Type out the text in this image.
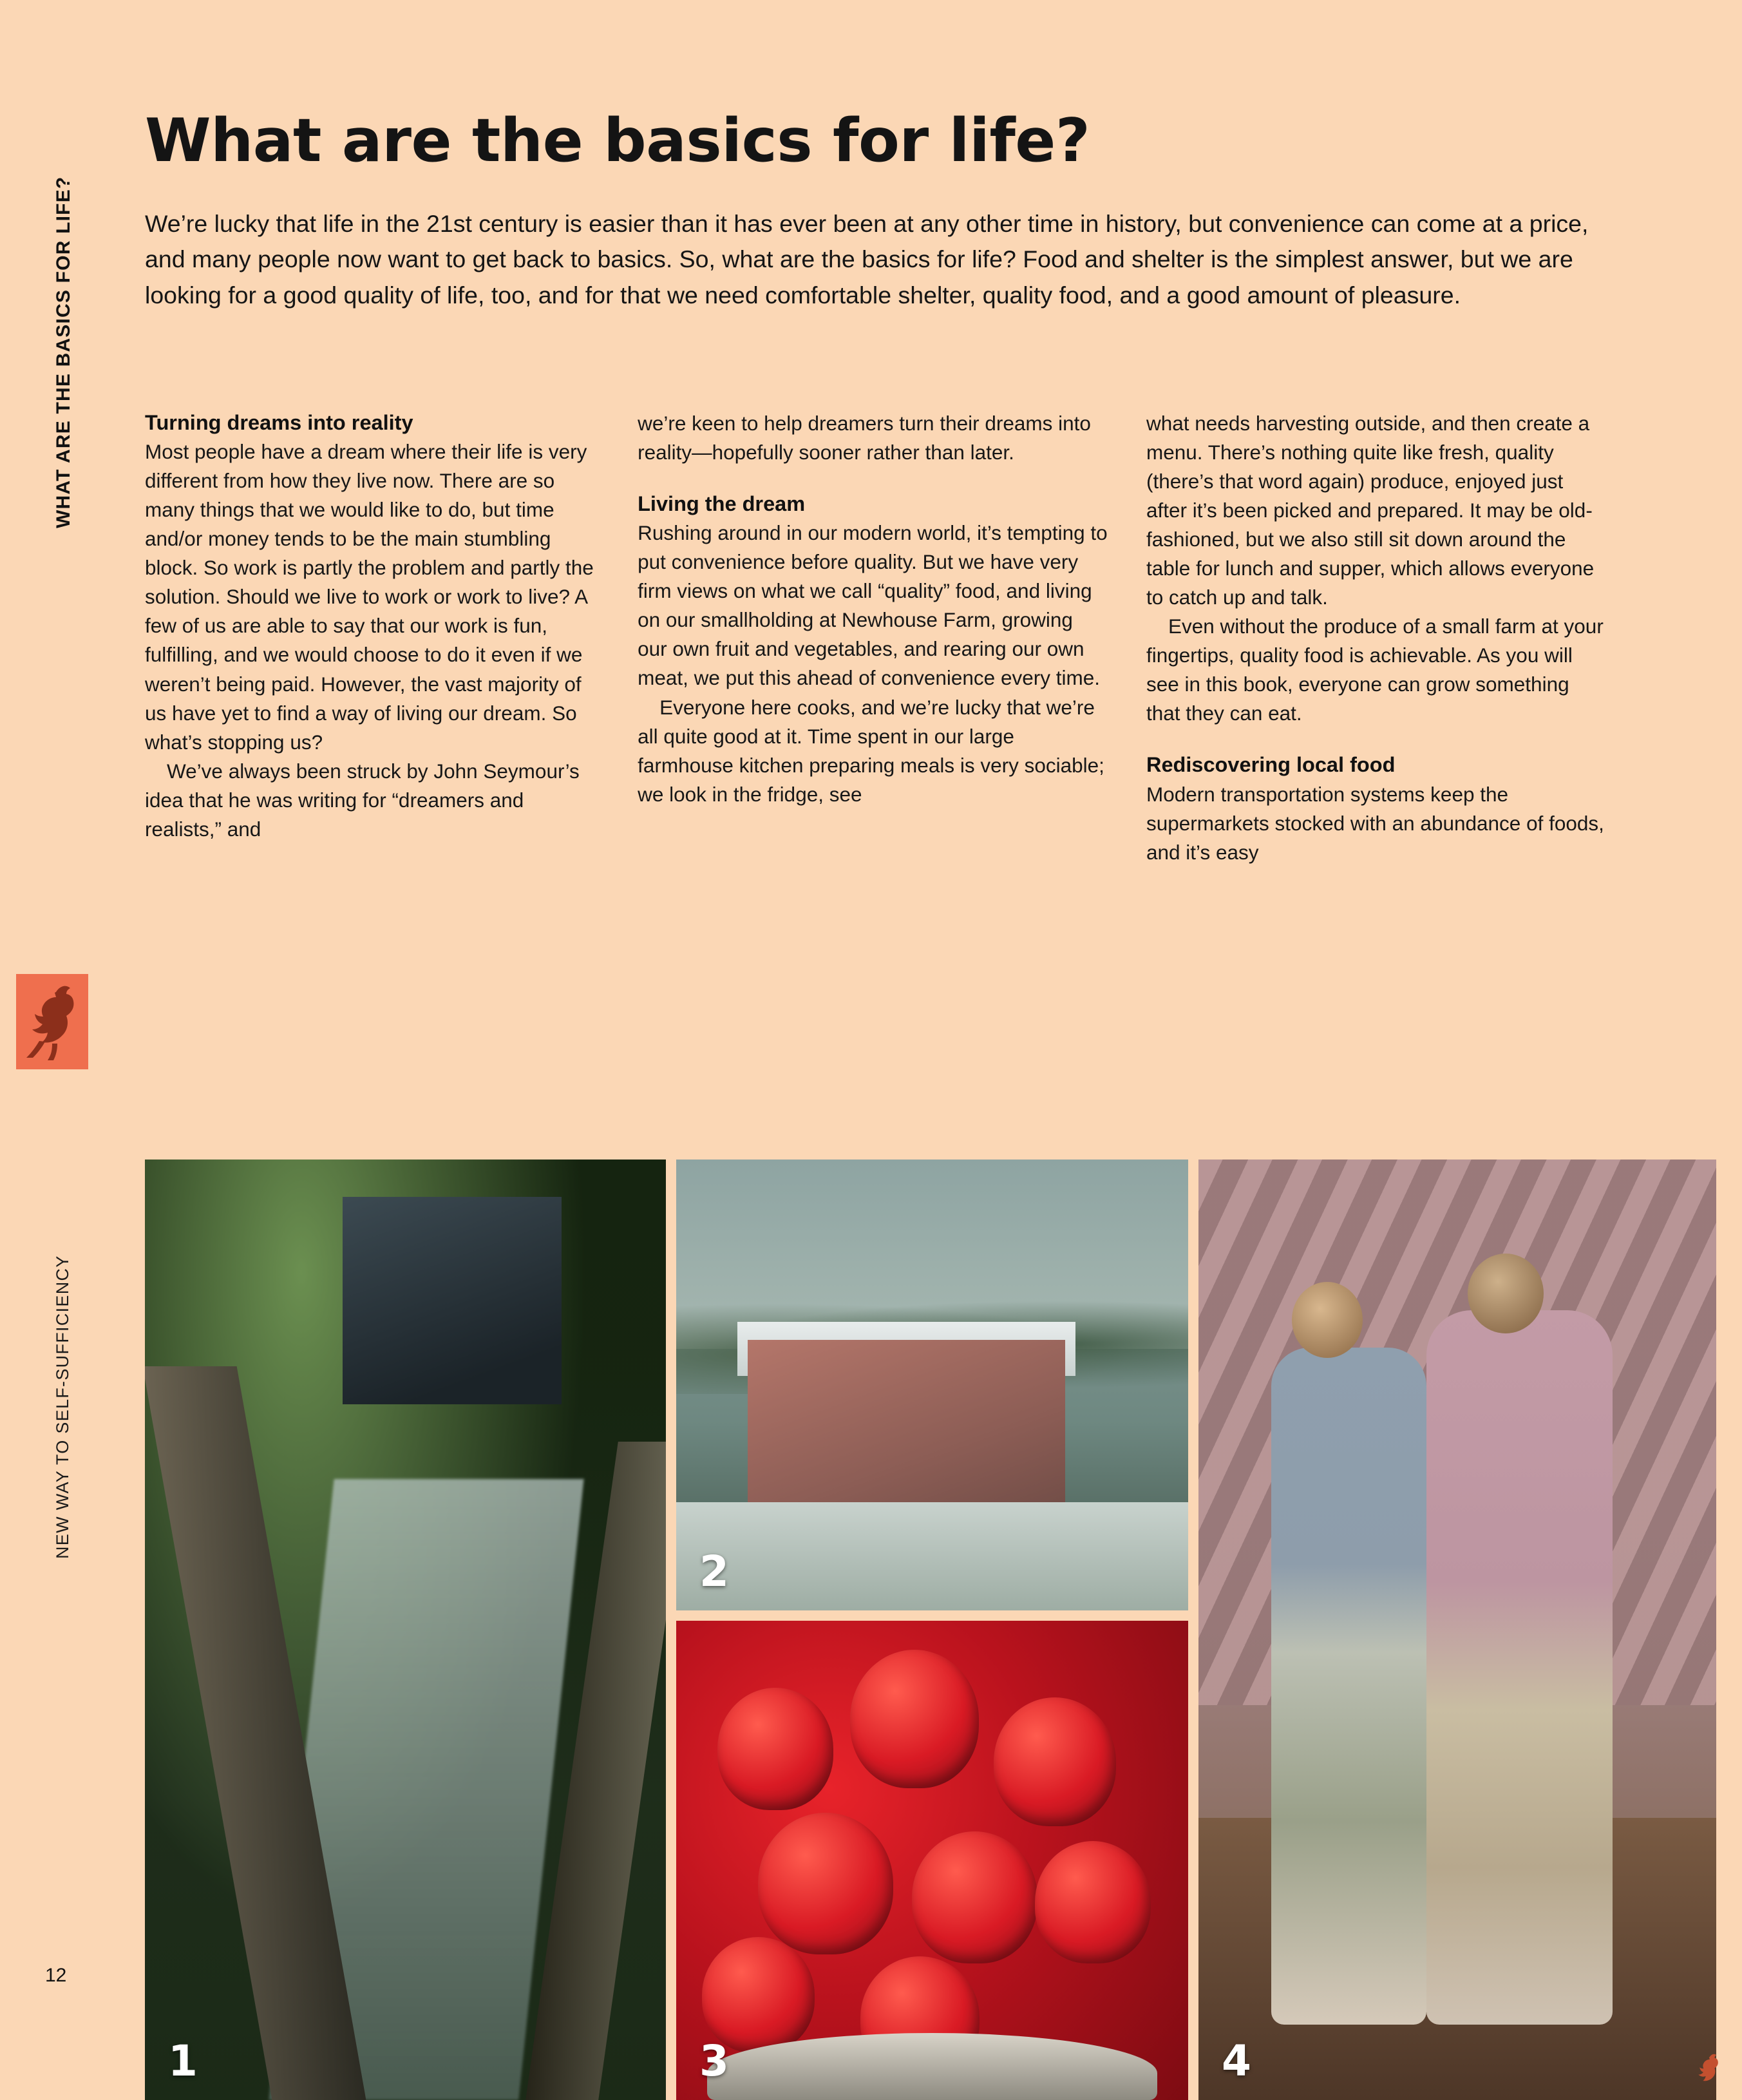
WHAT ARE THE BASICS FOR LIFE?
NEW WAY TO SELF-SUFFICIENCY
12
What are the basics for life?

We’re lucky that life in the 21st century is easier than it has ever been at any other time in history, but convenience can come at a price, and many people now want to get back to basics. So, what are the basics for life? Food and shelter is the simplest answer, but we are looking for a good quality of life, too, and for that we need comfortable shelter, quality food, and a good amount of pleasure.

Turning dreams into reality

Most people have a dream where their life is very different from how they live now. There are so many things that we would like to do, but time and/or money tends to be the main stumbling block. So work is partly the problem and partly the solution. Should we live to work or work to live? A few of us are able to say that our work is fun, fulfilling, and we would choose to do it even if we weren’t being paid. However, the vast majority of us have yet to find a way of living our dream. So what’s stopping us?

We’ve always been struck by John Seymour’s idea that he was writing for “dreamers and realists,” and

we’re keen to help dreamers turn their dreams into reality—hopefully sooner rather than later.

Living the dream

Rushing around in our modern world, it’s tempting to put convenience before quality. But we have very firm views on what we call “quality” food, and living on our smallholding at Newhouse Farm, growing our own fruit and vegetables, and rearing our own meat, we put this ahead of convenience every time.

Everyone here cooks, and we’re lucky that we’re all quite good at it. Time spent in our large farmhouse kitchen preparing meals is very sociable; we look in the fridge, see

what needs harvesting outside, and then create a menu. There’s nothing quite like fresh, quality (there’s that word again) produce, enjoyed just after it’s been picked and prepared. It may be old-fashioned, but we also still sit down around the table for lunch and supper, which allows everyone to catch up and talk.

Even without the produce of a small farm at your fingertips, quality food is achievable. As you will see in this book, everyone can grow something that they can eat.

Rediscovering local food

Modern transportation systems keep the supermarkets stocked with an abundance of foods, and it’s easy

1
2
3	4
